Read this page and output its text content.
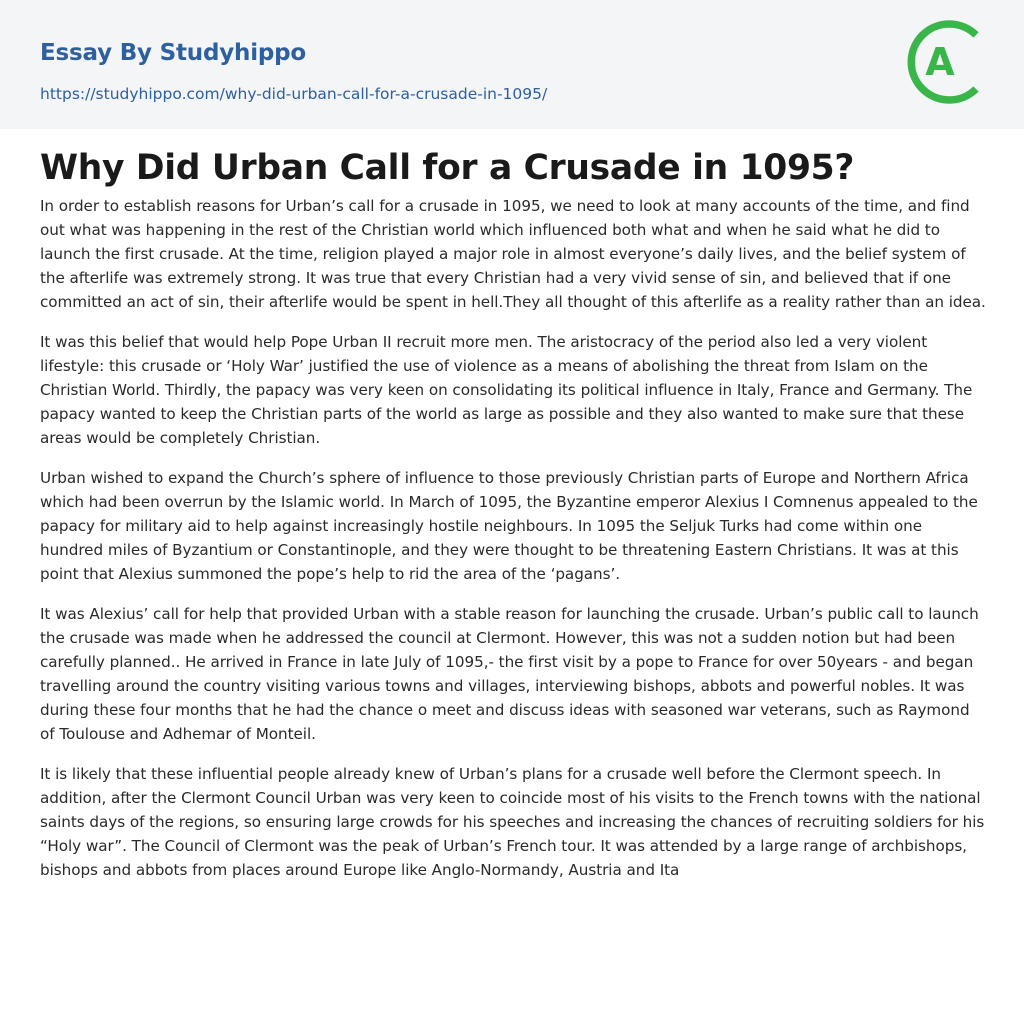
Essay By Studyhippo
https://studyhippo.com/why-did-urban-call-for-a-crusade-in-1095/
A
Why Did Urban Call for a Crusade in 1095?

In order to establish reasons for Urban’s call for a crusade in 1095, we need to look at many accounts of the time, and find out what was happening in the rest of the Christian world which influenced both what and when he said what he did to launch the first crusade. At the time, religion played a major role in almost everyone’s daily lives, and the belief system of the afterlife was extremely strong. It was true that every Christian had a very vivid sense of sin, and believed that if one committed an act of sin, their afterlife would be spent in hell.They all thought of this afterlife as a reality rather than an idea.

It was this belief that would help Pope Urban II recruit more men. The aristocracy of the period also led a very violent lifestyle: this crusade or ‘Holy War’ justified the use of violence as a means of abolishing the threat from Islam on the Christian World. Thirdly, the papacy was very keen on consolidating its political influence in Italy, France and Germany. The papacy wanted to keep the Christian parts of the world as large as possible and they also wanted to make sure that these areas would be completely Christian.

Urban wished to expand the Church’s sphere of influence to those previously Christian parts of Europe and Northern Africa which had been overrun by the Islamic world. In March of 1095, the Byzantine emperor Alexius I Comnenus appealed to the papacy for military aid to help against increasingly hostile neighbours. In 1095 the Seljuk Turks had come within one hundred miles of Byzantium or Constantinople, and they were thought to be threatening Eastern Christians. It was at this point that Alexius summoned the pope’s help to rid the area of the ‘pagans’.

It was Alexius’ call for help that provided Urban with a stable reason for launching the crusade. Urban’s public call to launch the crusade was made when he addressed the council at Clermont. However, this was not a sudden notion but had been carefully planned.. He arrived in France in late July of 1095,- the first visit by a pope to France for over 50years - and began travelling around the country visiting various towns and villages, interviewing bishops, abbots and powerful nobles. It was during these four months that he had the chance o meet and discuss ideas with seasoned war veterans, such as Raymond of Toulouse and Adhemar of Monteil.

It is likely that these influential people already knew of Urban’s plans for a crusade well before the Clermont speech. In addition, after the Clermont Council Urban was very keen to coincide most of his visits to the French towns with the national saints days of the regions, so ensuring large crowds for his speeches and increasing the chances of recruiting soldiers for his “Holy war”. The Council of Clermont was the peak of Urban’s French tour. It was attended by a large range of archbishops, bishops and abbots from places around Europe like Anglo-Normandy, Austria and Ita
